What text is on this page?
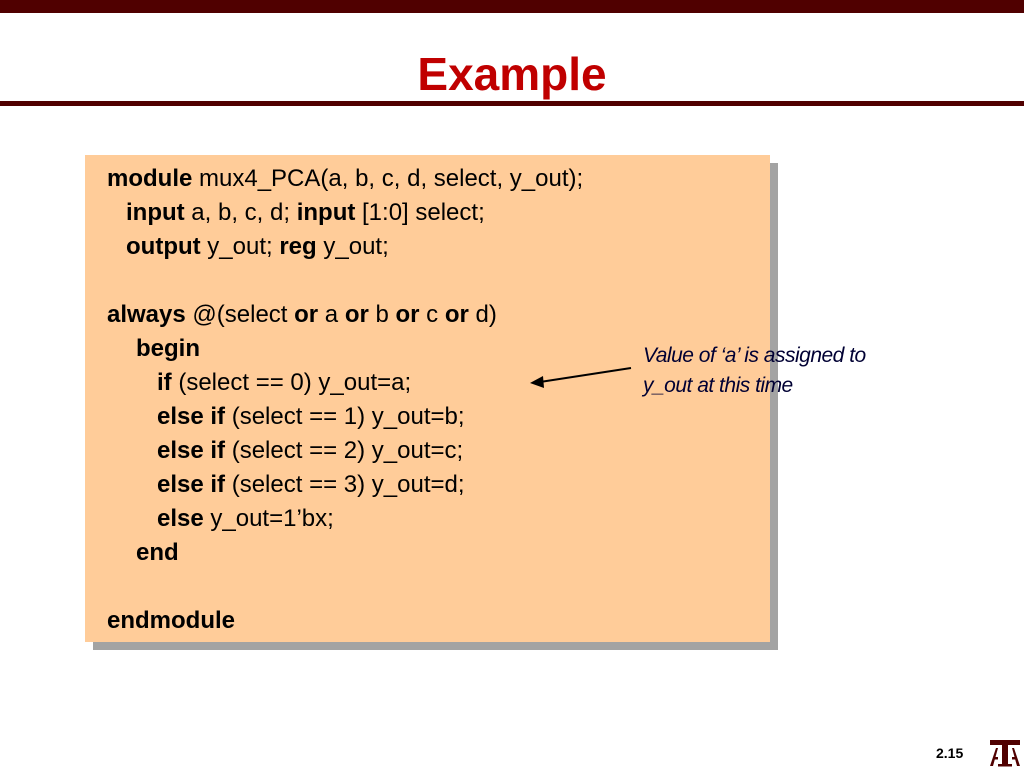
Example
module mux4_PCA(a, b, c, d, select, y_out);
input a, b, c, d; input [1:0] select;
output y_out; reg y_out;
always @(select or a or b or c or d)
begin
if (select == 0) y_out=a;
else if (select == 1) y_out=b;
else if (select == 2) y_out=c;
else if (select == 3) y_out=d;
else y_out=1’bx;
end
endmodule
Value of ‘a’ is assigned to
y_out at this time
2.15
